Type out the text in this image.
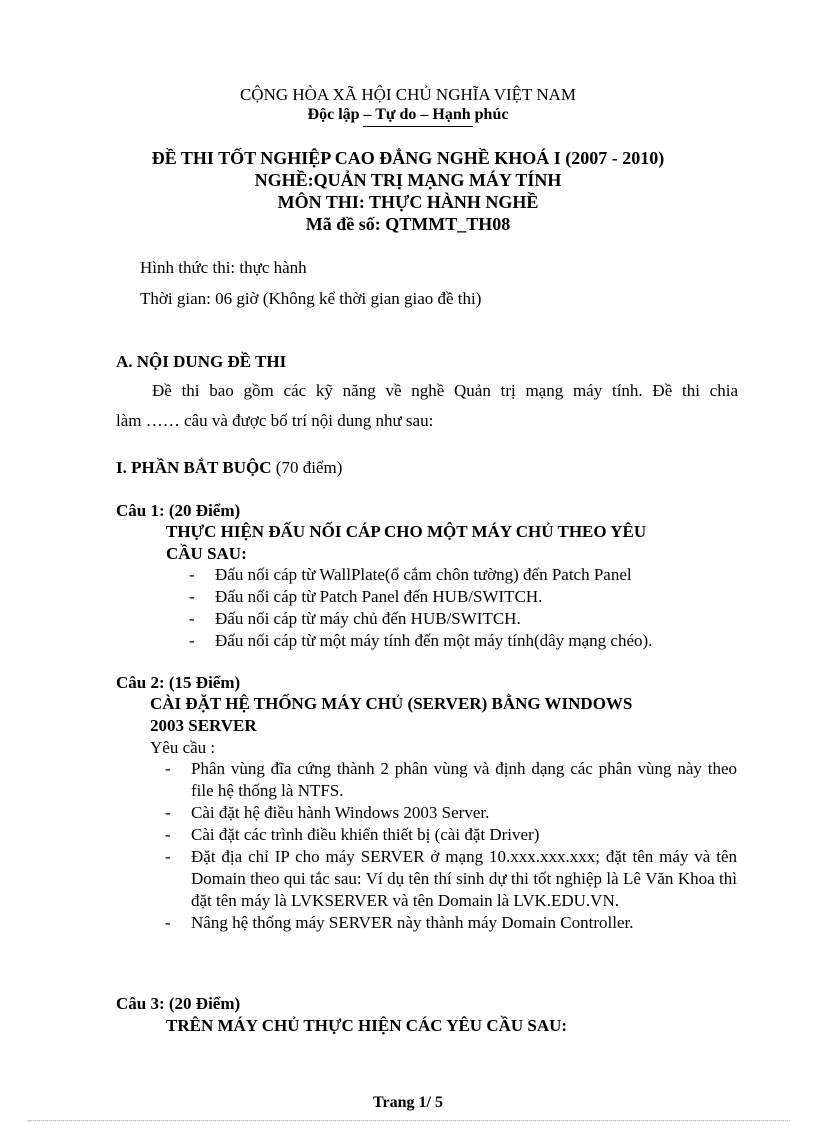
CỘNG HÒA XÃ HỘI CHỦ NGHĨA VIỆT NAM
Độc lập – Tự do – Hạnh phúc
ĐỀ THI TỐT NGHIỆP CAO ĐẲNG NGHỀ KHOÁ I (2007 - 2010)
NGHỀ:QUẢN TRỊ MẠNG MÁY TÍNH
MÔN THI: THỰC HÀNH NGHỀ
Mã đề số: QTMMT_TH08
Hình thức thi: thực hành
Thời gian: 06 giờ (Không kể thời gian giao đề thi)
A. NỘI DUNG ĐỀ THI
Đề thi bao gồm các kỹ năng về nghề Quản trị mạng máy tính. Đề thi chia
làm …… câu và được bố trí nội dung như sau:
I. PHẦN BẮT BUỘC (70 điểm)
Câu 1: (20 Điểm)
THỰC HIỆN ĐẤU NỐI CÁP CHO MỘT MÁY CHỦ THEO YÊU
CẦU SAU:
- Đấu nối cáp từ WallPlate(ổ cắm chôn tường) đến Patch Panel
- Đấu nối cáp từ Patch Panel đến HUB/SWITCH.
- Đấu nối cáp từ máy chủ đến HUB/SWITCH.
- Đấu nối cáp từ một máy tính đến một máy tính(dây mạng chéo).
Câu 2: (15 Điểm)
CÀI ĐẶT HỆ THỐNG MÁY CHỦ (SERVER) BẰNG WINDOWS
2003 SERVER
Yêu cầu :
- Phân vùng đĩa cứng thành 2 phân vùng và định dạng các phân vùng này theo file hệ thống là NTFS.
- Cài đặt hệ điều hành Windows 2003 Server.
- Cài đặt các trình điều khiển thiết bị (cài đặt Driver)
- Đặt địa chỉ IP cho máy SERVER ở mạng 10.xxx.xxx.xxx; đặt tên máy và tên Domain theo qui tắc sau: Ví dụ tên thí sinh dự thi tốt nghiệp là Lê Văn Khoa thì đặt tên máy là LVKSERVER và tên Domain là LVK.EDU.VN.
- Nâng hệ thống máy SERVER này thành máy Domain Controller.
Câu 3: (20 Điểm)
TRÊN MÁY CHỦ THỰC HIỆN CÁC YÊU CẦU SAU:
Trang 1/ 5
